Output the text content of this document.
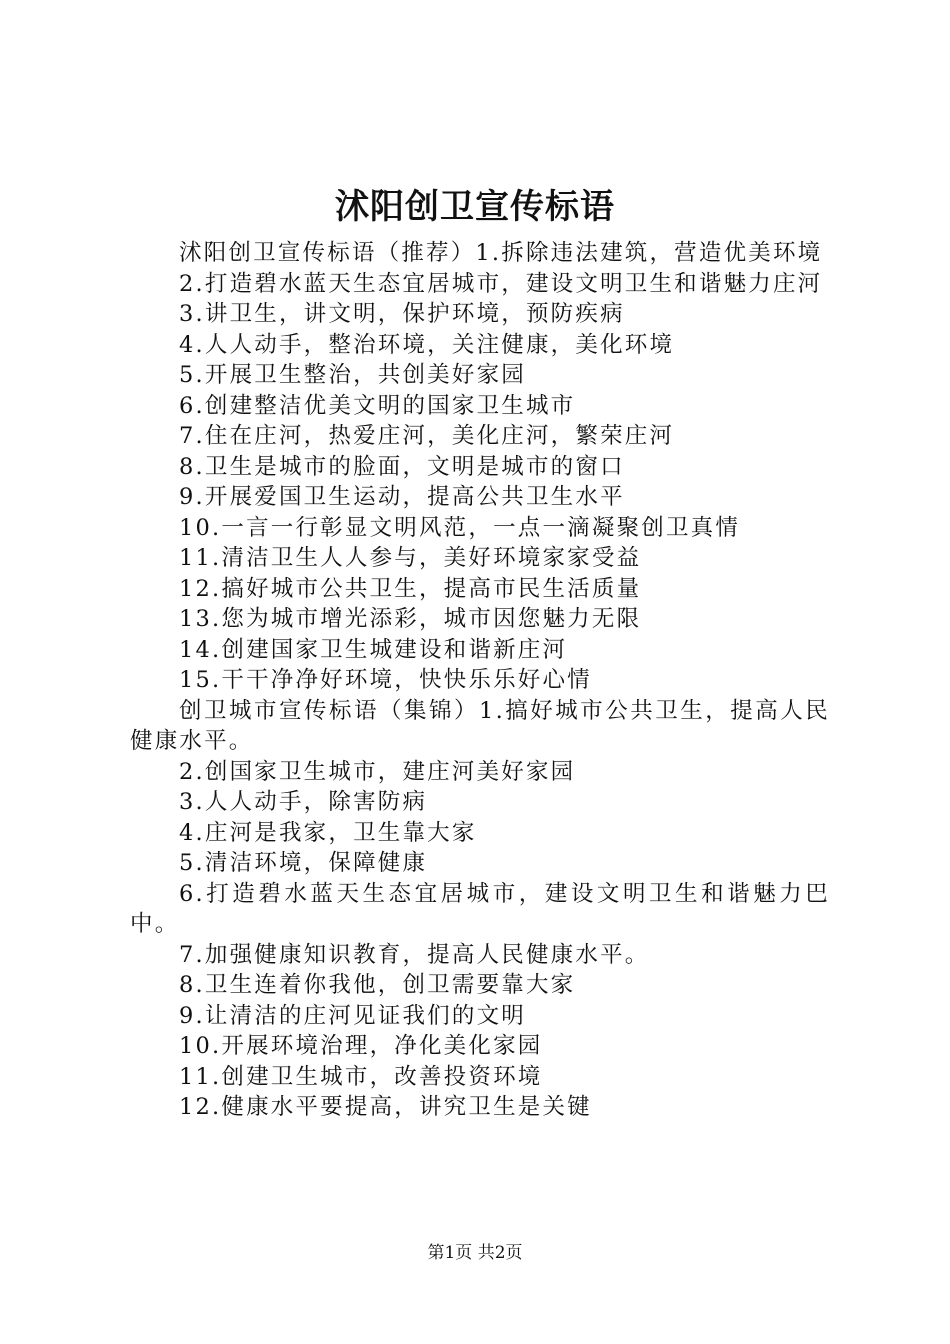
沭阳创卫宣传标语

沭阳创卫宣传标语（推荐）1.拆除违法建筑，营造优美环境

2.打造碧水蓝天生态宜居城市，建设文明卫生和谐魅力庄河

3.讲卫生，讲文明，保护环境，预防疾病

4.人人动手，整治环境，关注健康，美化环境

5.开展卫生整治，共创美好家园

6.创建整洁优美文明的国家卫生城市

7.住在庄河，热爱庄河，美化庄河，繁荣庄河

8.卫生是城市的脸面，文明是城市的窗口

9.开展爱国卫生运动，提高公共卫生水平

10.一言一行彰显文明风范，一点一滴凝聚创卫真情

11.清洁卫生人人参与，美好环境家家受益

12.搞好城市公共卫生，提高市民生活质量

13.您为城市增光添彩，城市因您魅力无限

14.创建国家卫生城建设和谐新庄河

15.干干净净好环境，快快乐乐好心情

创卫城市宣传标语（集锦）1.搞好城市公共卫生，提高人民健康水平。

2.创国家卫生城市，建庄河美好家园

3.人人动手，除害防病

4.庄河是我家，卫生靠大家

5.清洁环境，保障健康

6.打造碧水蓝天生态宜居城市，建设文明卫生和谐魅力巴中。

7.加强健康知识教育，提高人民健康水平。

8.卫生连着你我他，创卫需要靠大家

9.让清洁的庄河见证我们的文明

10.开展环境治理，净化美化家园

11.创建卫生城市，改善投资环境

12.健康水平要提高，讲究卫生是关键

第1页 共2页
